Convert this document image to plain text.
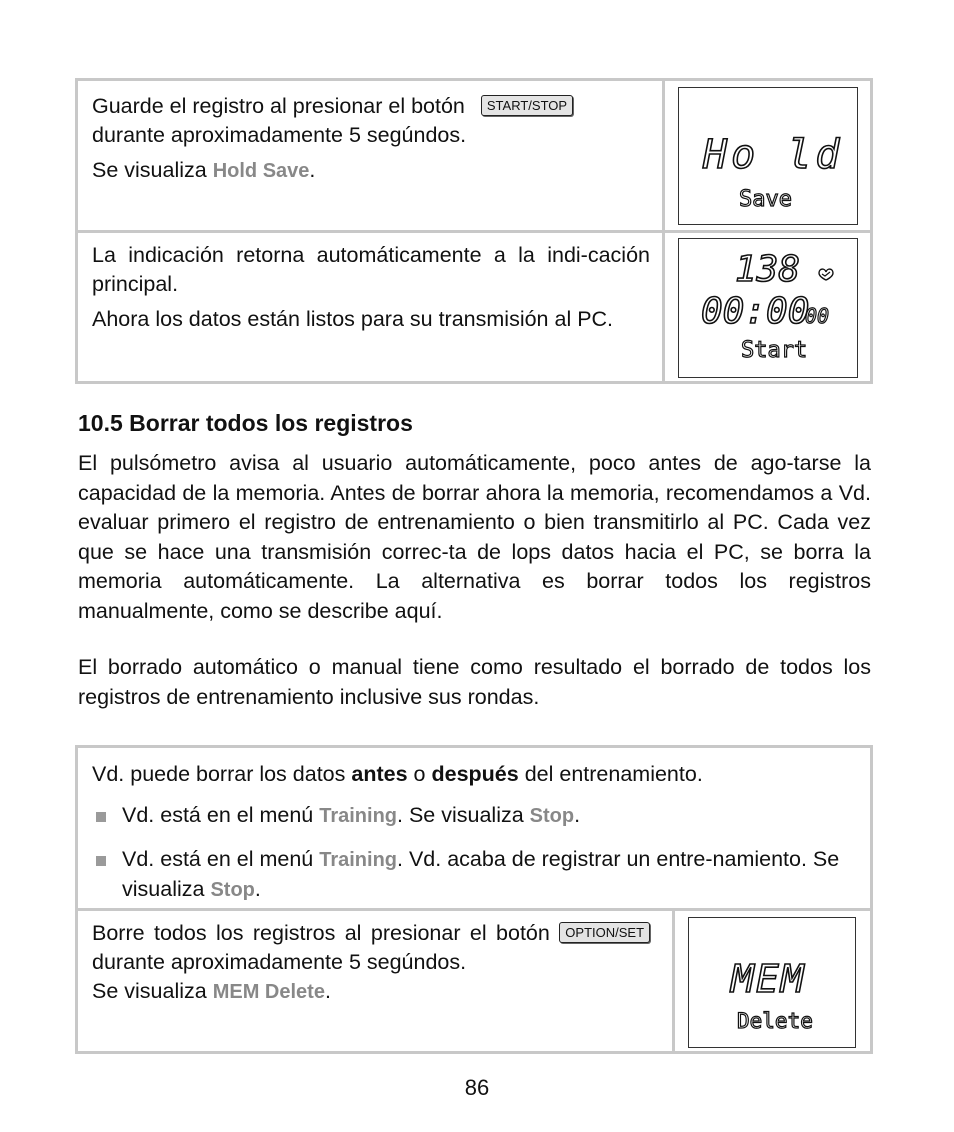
Guarde el registro al presionar el botón START/STOP
durante aproximadamente 5 segúndos.

Se visualiza Hold Save.	Ho ld
Save

La indicación retorna automáticamente a la indi-cación principal.

Ahora los datos están listos para su transmisión al PC.

138
00:00
00
Start
10.5 Borrar todos los registros
El pulsómetro avisa al usuario automáticamente, poco antes de ago-tarse la capacidad de la memoria. Antes de borrar ahora la memoria, recomendamos a Vd. evaluar primero el registro de entrenamiento o bien transmitirlo al PC. Cada vez que se hace una transmisión correc-ta de lops datos hacia el PC, se borra la memoria automáticamente. La alternativa es borrar todos los registros manualmente, como se describe aquí.
El borrado automático o manual tiene como resultado el borrado de todos los registros de entrenamiento inclusive sus rondas.

Vd. puede borrar los datos antes o después del entrenamiento.

Vd. está en el menú Training. Se visualiza Stop.

Vd. está en el menú Training. Vd. acaba de registrar un entre-namiento. Se visualiza Stop.

Borre todos los registros al presionar el botón OPTION/SET durante aproximadamente 5 segúndos.
Se visualiza MEM Delete.	MEM
Delete
86
